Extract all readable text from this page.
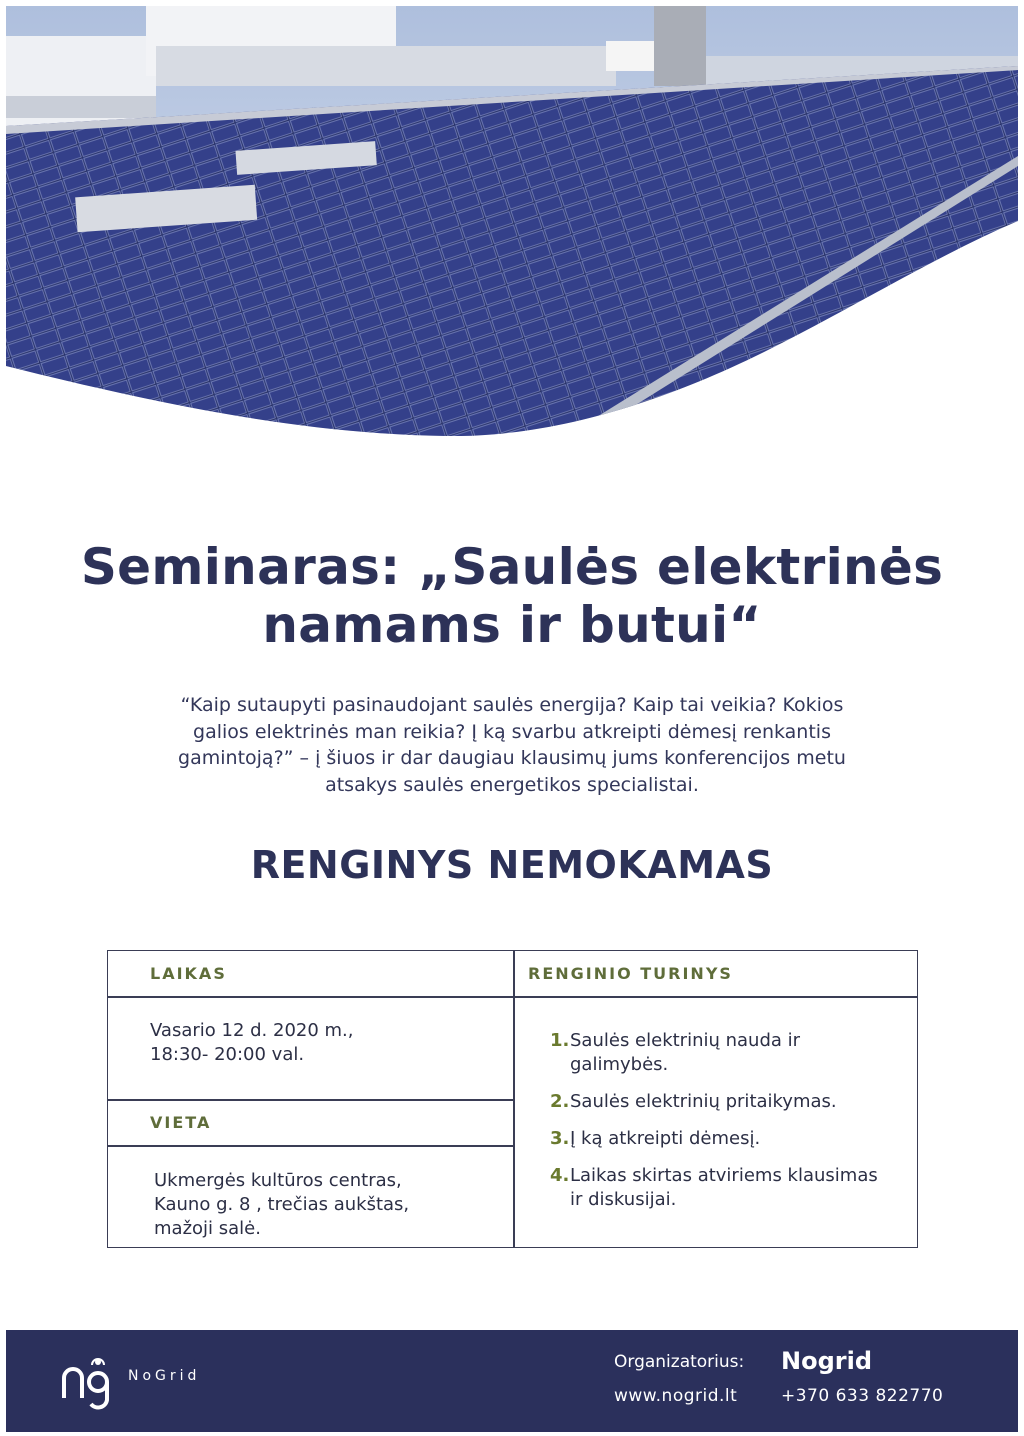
Seminaras: „Saulės elektrinės
namams ir butui“
“Kaip sutaupyti pasinaudojant saulės energija? Kaip tai veikia? Kokios galios elektrinės man reikia? Į ką svarbu atkreipti dėmesį renkantis gamintoją?” – į šiuos ir dar daugiau klausimų jums konferencijos metu atsakys saulės energetikos specialistai.
RENGINYS NEMOKAMAS
LAIKAS
Vasario 12 d. 2020 m.,
18:30- 20:00 val.
VIETA
Ukmergės kultūros centras,
Kauno g. 8 , trečias aukštas,
mažoji salė.
RENGINIO TURINYS
1. Saulės elektrinių nauda ir galimybės.
2. Saulės elektrinių pritaikymas.
3. Į ką atkreipti dėmesį.
4. Laikas skirtas atviriems klausimas ir diskusijai.
NoGrid
Organizatorius: Nogrid
www.nogrid.lt	+370 633 822770
